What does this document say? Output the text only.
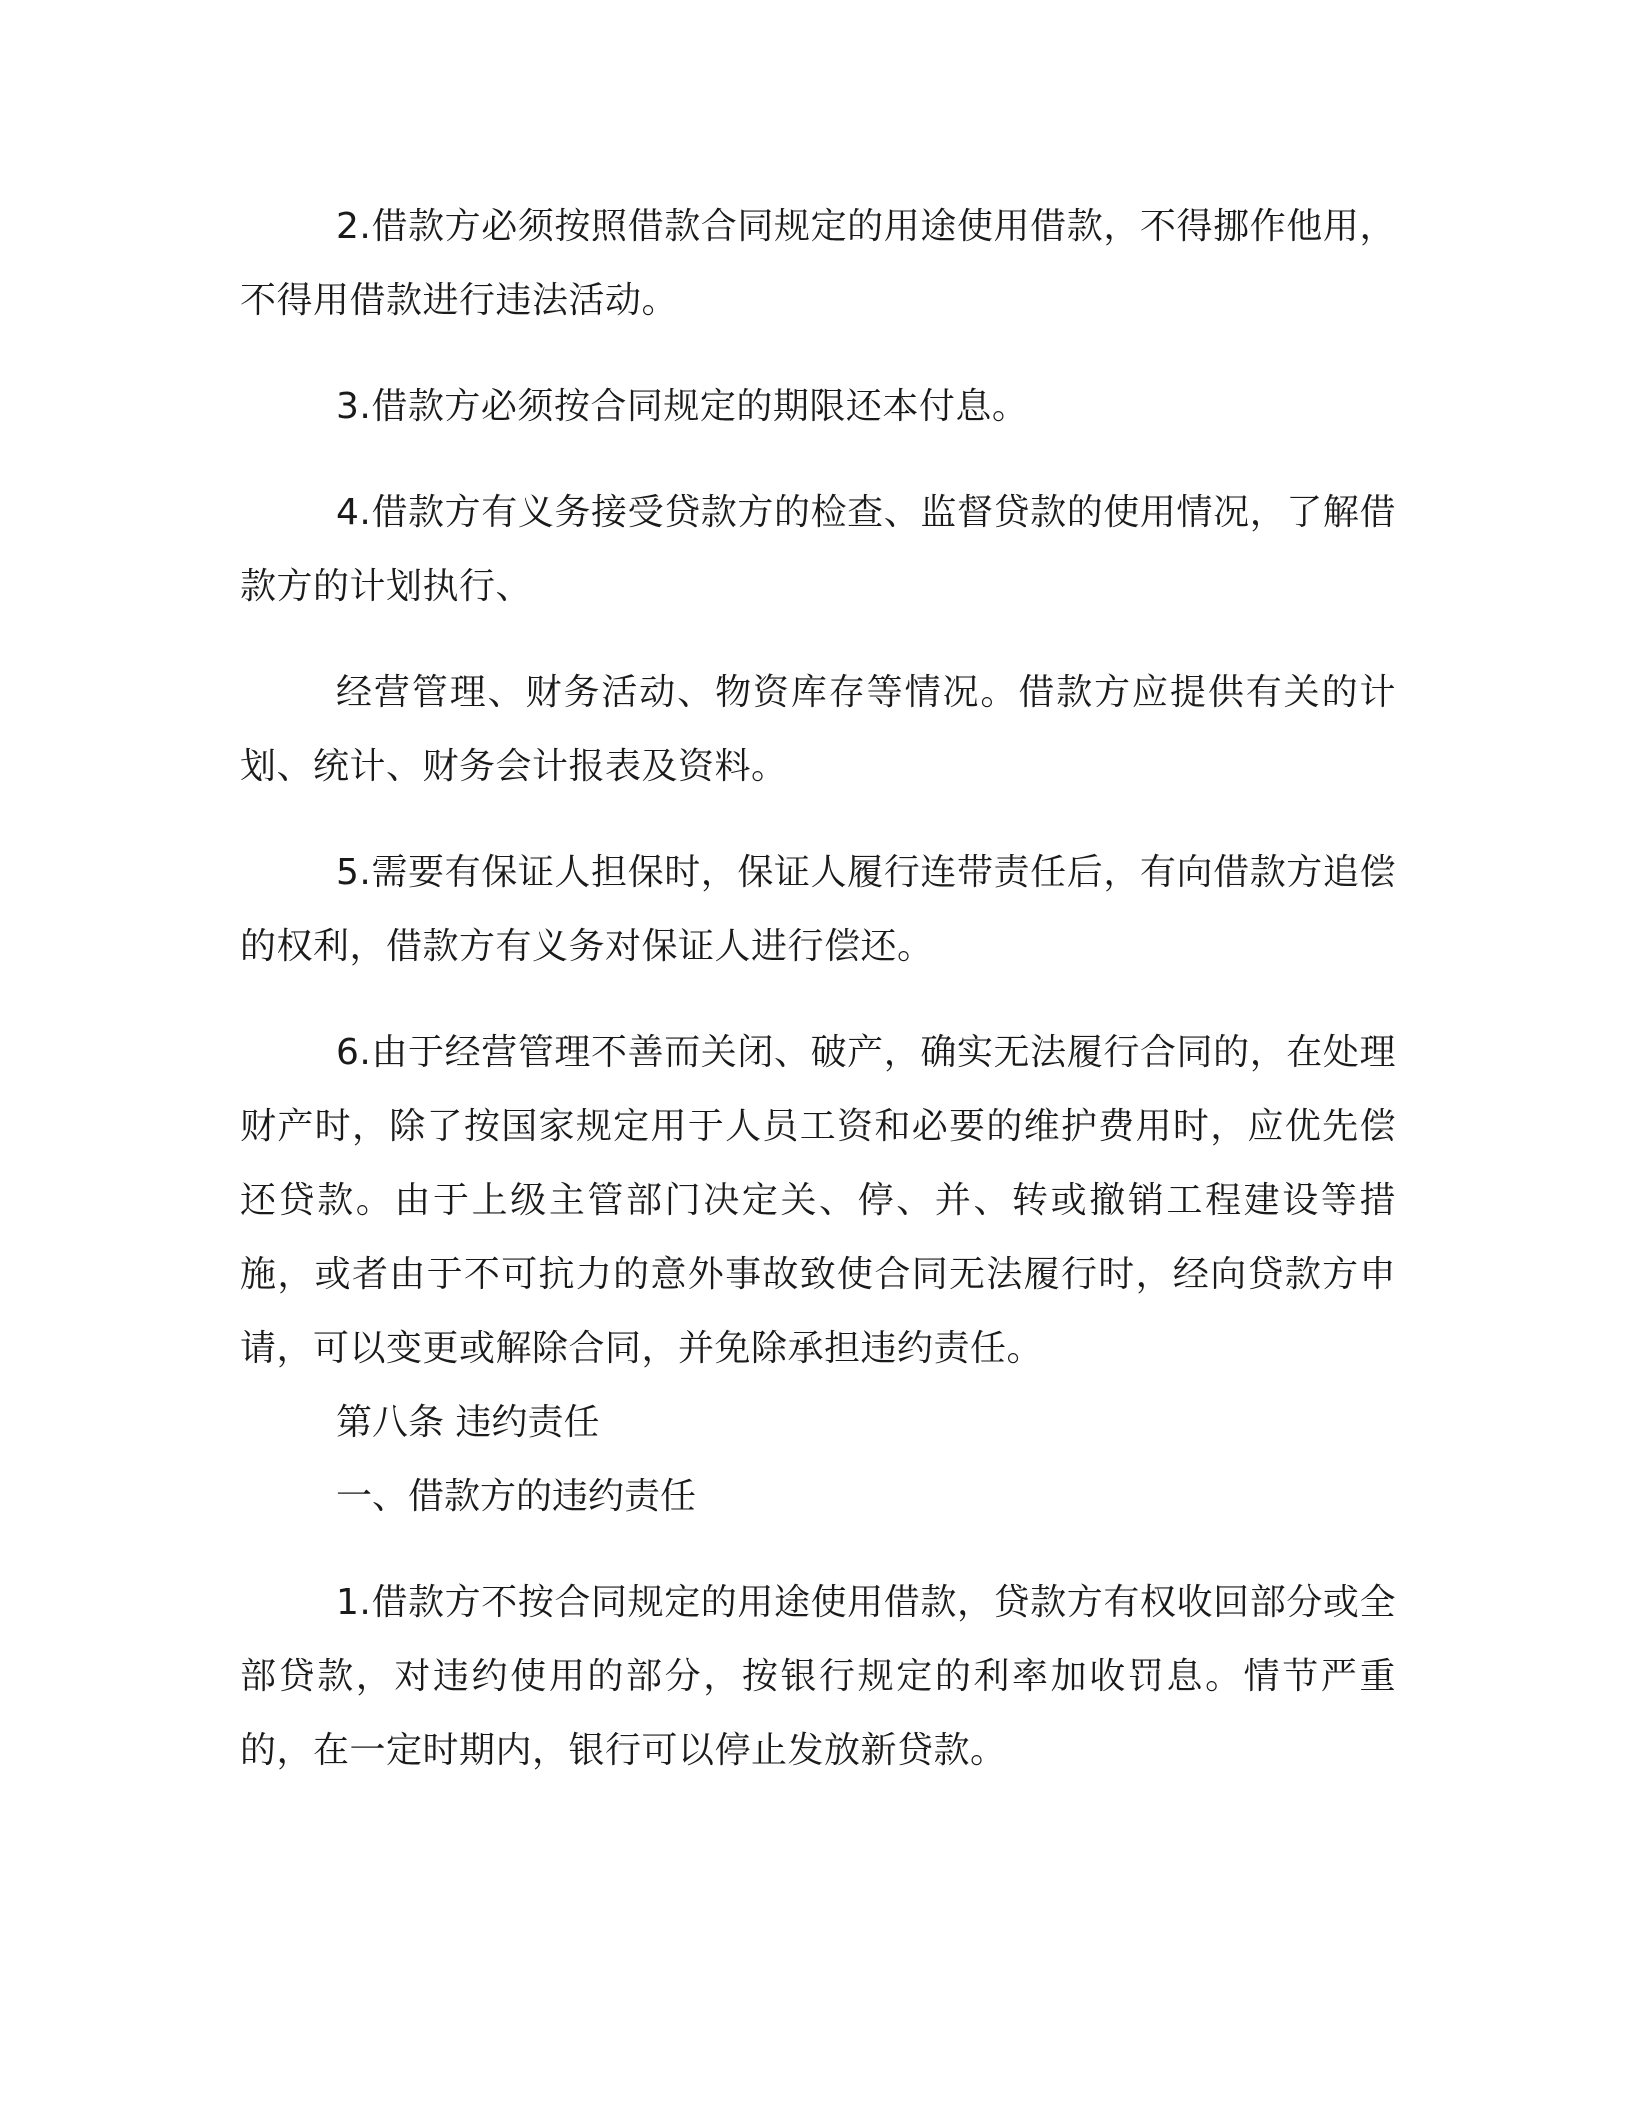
2.借款方必须按照借款合同规定的用途使用借款，不得挪作他用，不得用借款进行违法活动。

3.借款方必须按合同规定的期限还本付息。

4.借款方有义务接受贷款方的检查、监督贷款的使用情况，了解借款方的计划执行、

经营管理、财务活动、物资库存等情况。借款方应提供有关的计划、统计、财务会计报表及资料。

5.需要有保证人担保时，保证人履行连带责任后，有向借款方追偿的权利，借款方有义务对保证人进行偿还。

6.由于经营管理不善而关闭、破产，确实无法履行合同的，在处理财产时，除了按国家规定用于人员工资和必要的维护费用时，应优先偿还贷款。由于上级主管部门决定关、停、并、转或撤销工程建设等措施，或者由于不可抗力的意外事故致使合同无法履行时，经向贷款方申请，可以变更或解除合同，并免除承担违约责任。

第八条 违约责任

一、借款方的违约责任

1.借款方不按合同规定的用途使用借款，贷款方有权收回部分或全部贷款，对违约使用的部分，按银行规定的利率加收罚息。情节严重的，在一定时期内，银行可以停止发放新贷款。
